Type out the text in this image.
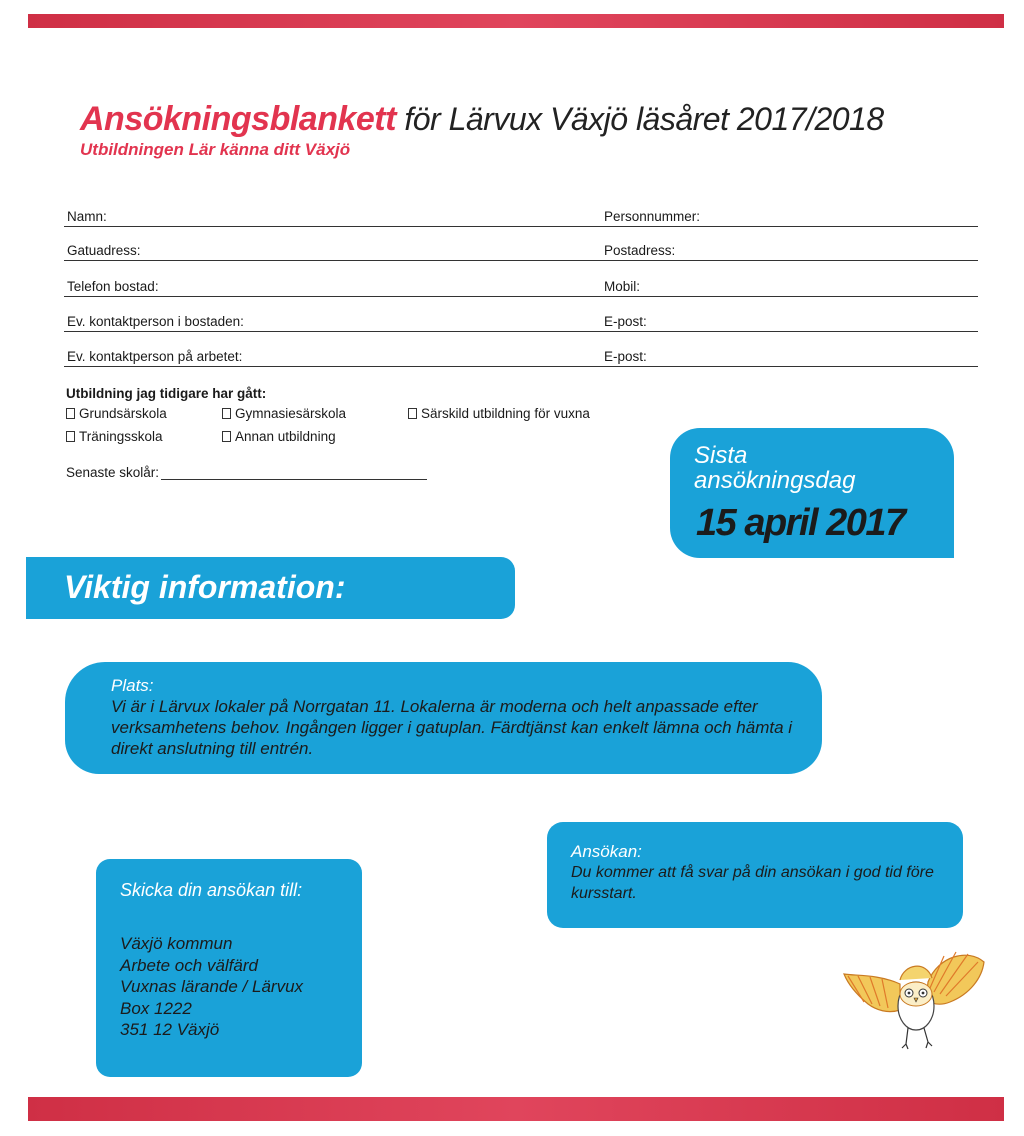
Ansökningsblankett för Lärvux Växjö läsåret 2017/2018
Utbildningen Lär känna ditt Växjö
Namn:	Personnummer:
Gatuadress:	Postadress:
Telefon bostad:	Mobil:
Ev. kontaktperson i bostaden:	E-post:
Ev. kontaktperson på arbetet:	E-post:
Utbildning jag tidigare har gått:
Grundsärskola	Gymnasiesärskola	Särskild utbildning för vuxna
Träningsskola	Annan utbildning
Senaste skolår:
Sista
ansökningsdag
15 april 2017
Viktig information:
Plats:
Vi är i Lärvux lokaler på Norrgatan 11. Lokalerna är moderna och helt anpassade efter verksamhetens behov. Ingången ligger i gatuplan. Färdtjänst kan enkelt lämna och hämta i direkt anslutning till entrén.
Ansökan:
Du kommer att få svar på din ansökan i god tid före kursstart.
Skicka din ansökan till:
Växjö kommun
Arbete och välfärd
Vuxnas lärande / Lärvux
Box 1222
351 12 Växjö
